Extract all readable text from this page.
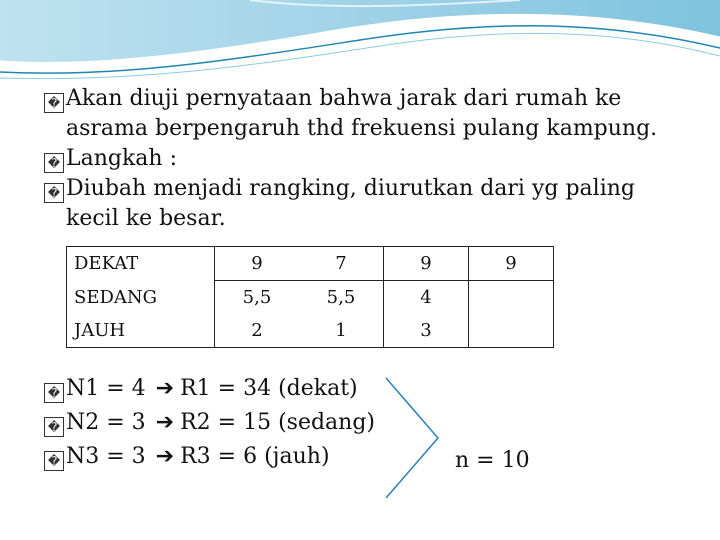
� Akan diuji pernyataan bahwa jarak dari rumah ke
asrama berpengaruh thd frekuensi pulang kampung.
� Langkah :
� Diubah menjadi rangking, diurutkan dari yg paling
kecil ke besar.
DEKAT	9	7	9	9
SEDANG	5,5	5,5	4	
JAUH	2	1	3	
� N1 = 4 ➔ R1 = 34 (dekat)
� N2 = 3 ➔ R2 = 15 (sedang)
� N3 = 3 ➔ R3 = 6 (jauh)	n = 10
